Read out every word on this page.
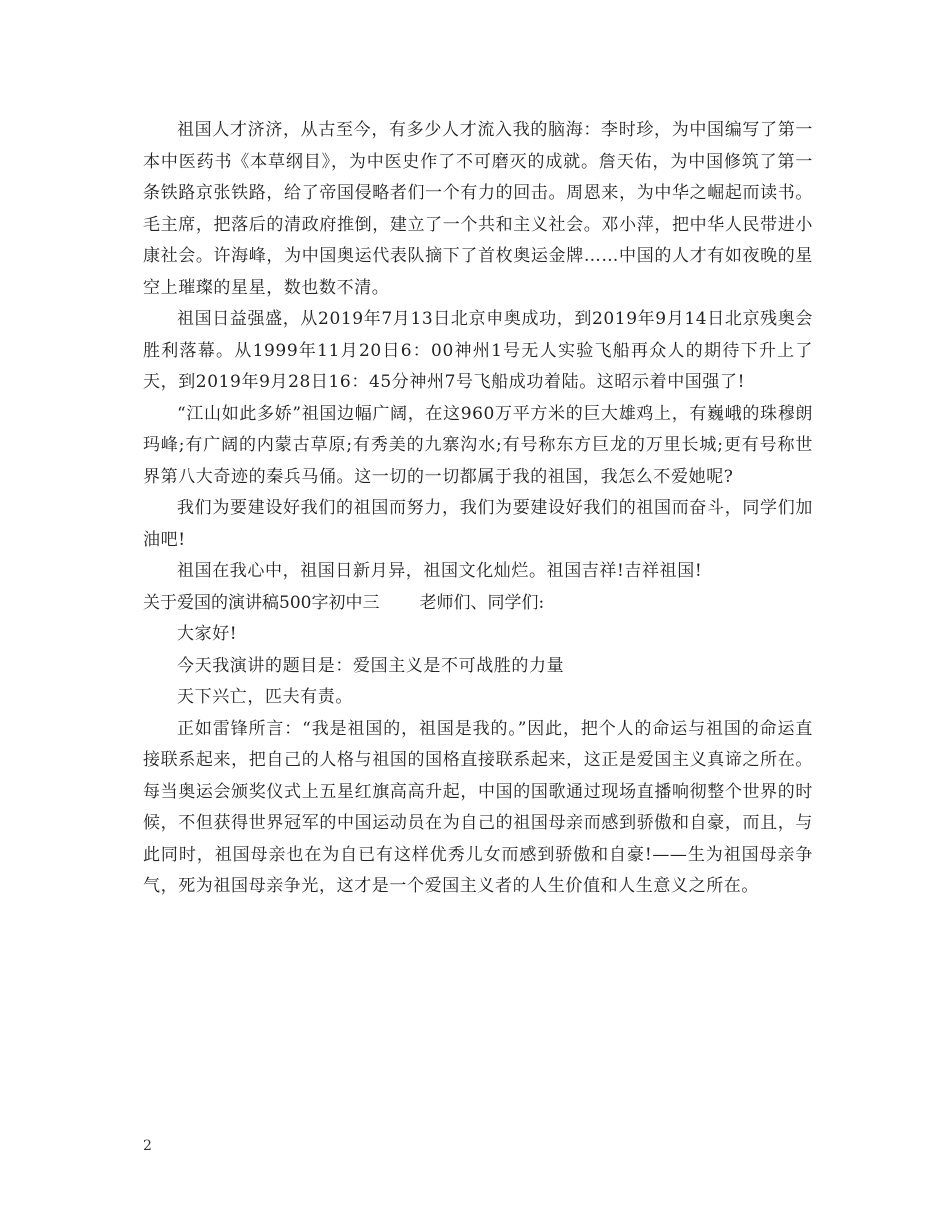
祖国人才济济，从古至今，有多少人才流入我的脑海：李时珍，为中国编写了第一本中医药书《本草纲目》，为中医史作了不可磨灭的成就。詹天佑，为中国修筑了第一条铁路京张铁路，给了帝国侵略者们一个有力的回击。周恩来，为中华之崛起而读书。毛主席，把落后的清政府推倒，建立了一个共和主义社会。邓小萍，把中华人民带进小康社会。许海峰，为中国奥运代表队摘下了首枚奥运金牌……中国的人才有如夜晚的星空上璀璨的星星，数也数不清。

祖国日益强盛，从2019年7月13日北京申奥成功，到2019年9月14日北京残奥会胜利落幕。从1999年11月20日6：00神州1号无人实验飞船再众人的期待下升上了天，到2019年9月28日16：45分神州7号飞船成功着陆。这昭示着中国强了!

“江山如此多娇”祖国边幅广阔，在这960万平方米的巨大雄鸡上，有巍峨的珠穆朗玛峰;有广阔的内蒙古草原;有秀美的九寨沟水;有号称东方巨龙的万里长城;更有号称世界第八大奇迹的秦兵马俑。这一切的一切都属于我的祖国，我怎么不爱她呢?

我们为要建设好我们的祖国而努力，我们为要建设好我们的祖国而奋斗，同学们加油吧!

祖国在我心中，祖国日新月异，祖国文化灿烂。祖国吉祥!吉祥祖国!

关于爱国的演讲稿500字初中三 老师们、同学们:

大家好!

今天我演讲的题目是：爱国主义是不可战胜的力量

天下兴亡，匹夫有责。

正如雷锋所言：“我是祖国的，祖国是我的。”因此，把个人的命运与祖国的命运直接联系起来，把自己的人格与祖国的国格直接联系起来，这正是爱国主义真谛之所在。每当奥运会颁奖仪式上五星红旗高高升起，中国的国歌通过现场直播响彻整个世界的时候，不但获得世界冠军的中国运动员在为自己的祖国母亲而感到骄傲和自豪，而且，与此同时，祖国母亲也在为自已有这样优秀儿女而感到骄傲和自豪!——生为祖国母亲争气，死为祖国母亲争光，这才是一个爱国主义者的人生价值和人生意义之所在。

2
